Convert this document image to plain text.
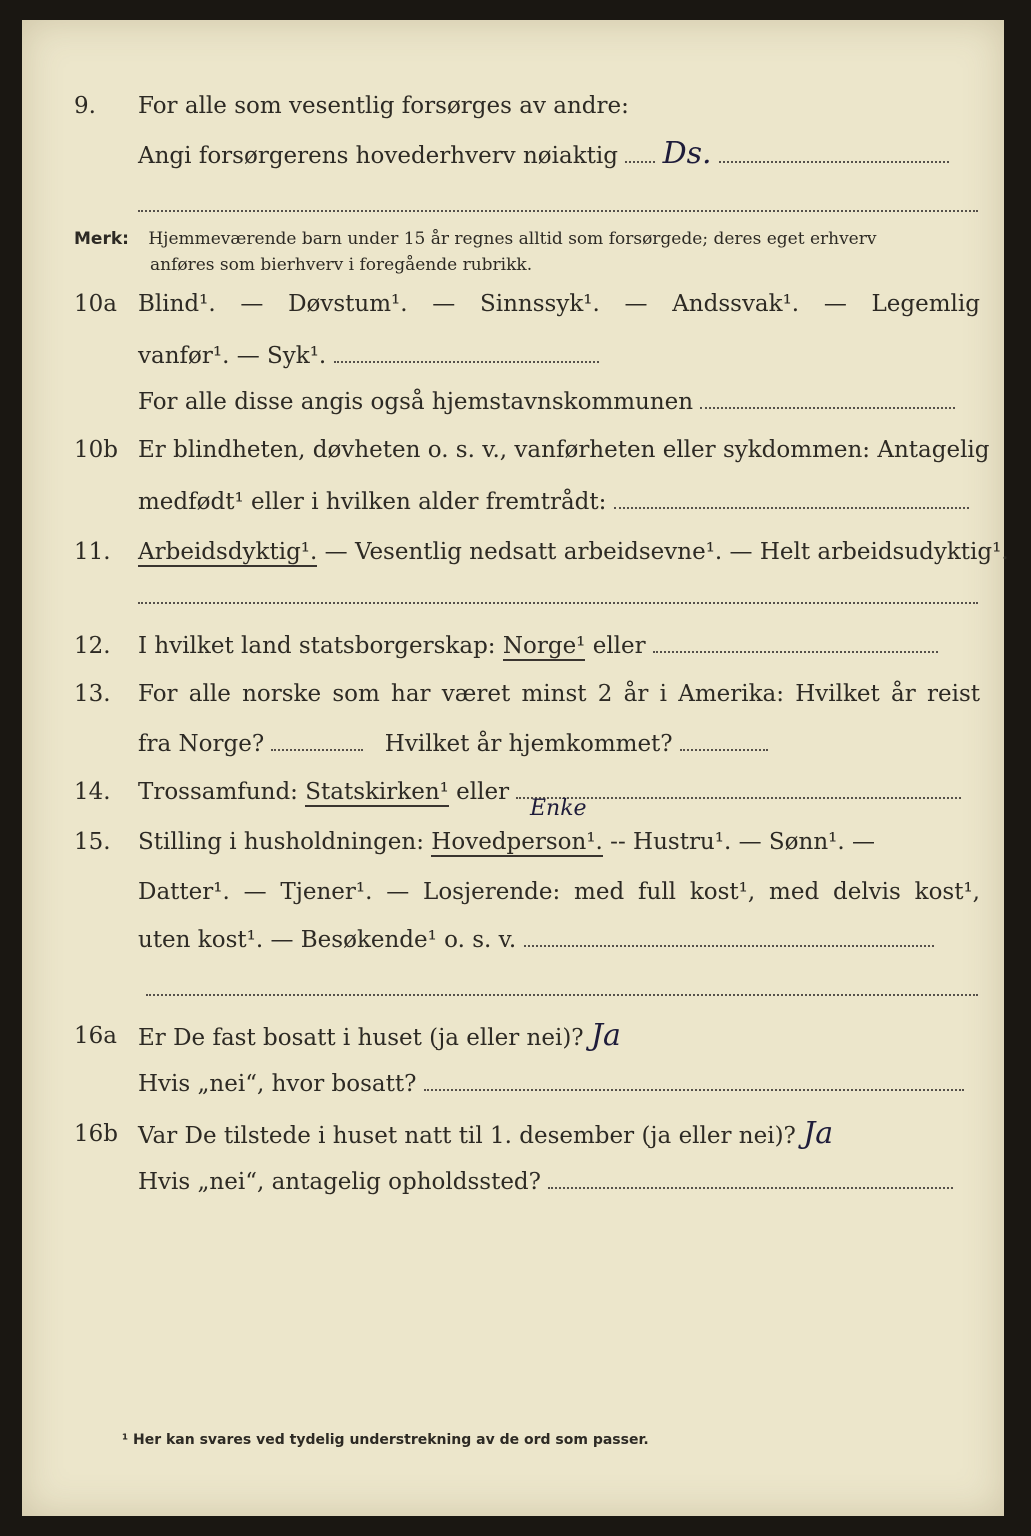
9. For alle som vesentlig forsørges av andre:
Angi forsørgerens hovederhverv nøiaktig Ds.
Merk: Hjemmeværende barn under 15 år regnes alltid som forsørgede; deres eget erhverv
anføres som bierhverv i foregående rubrikk.
10a Blind¹. — Døvstum¹. — Sinnssyk¹. — Andssvak¹. — Legemlig
vanfør¹. — Syk¹.
For alle disse angis også hjemstavnskommunen
10b Er blindheten, døvheten o. s. v., vanførheten eller sykdommen: Antagelig
medfødt¹ eller i hvilken alder fremtrådt:
11. Arbeidsdyktig¹. — Vesentlig nedsatt arbeidsevne¹. — Helt arbeidsudyktig¹.
12. I hvilket land statsborgerskap: Norge¹ eller
13. For alle norske som har været minst 2 år i Amerika: Hvilket år reist
fra Norge?	Hvilket år hjemkommet?
14. Trossamfund: Statskirken¹ eller
Enke
15. Stilling i husholdningen: Hovedperson¹. -- Hustru¹. — Sønn¹. —
Datter¹. — Tjener¹. — Losjerende: med full kost¹, med delvis kost¹,
uten kost¹. — Besøkende¹ o. s. v.
16a Er De fast bosatt i huset (ja eller nei)? Ja
Hvis „nei“, hvor bosatt?
16b Var De tilstede i huset natt til 1. desember (ja eller nei)? Ja
Hvis „nei“, antagelig opholdssted?
¹ Her kan svares ved tydelig understrekning av de ord som passer.
